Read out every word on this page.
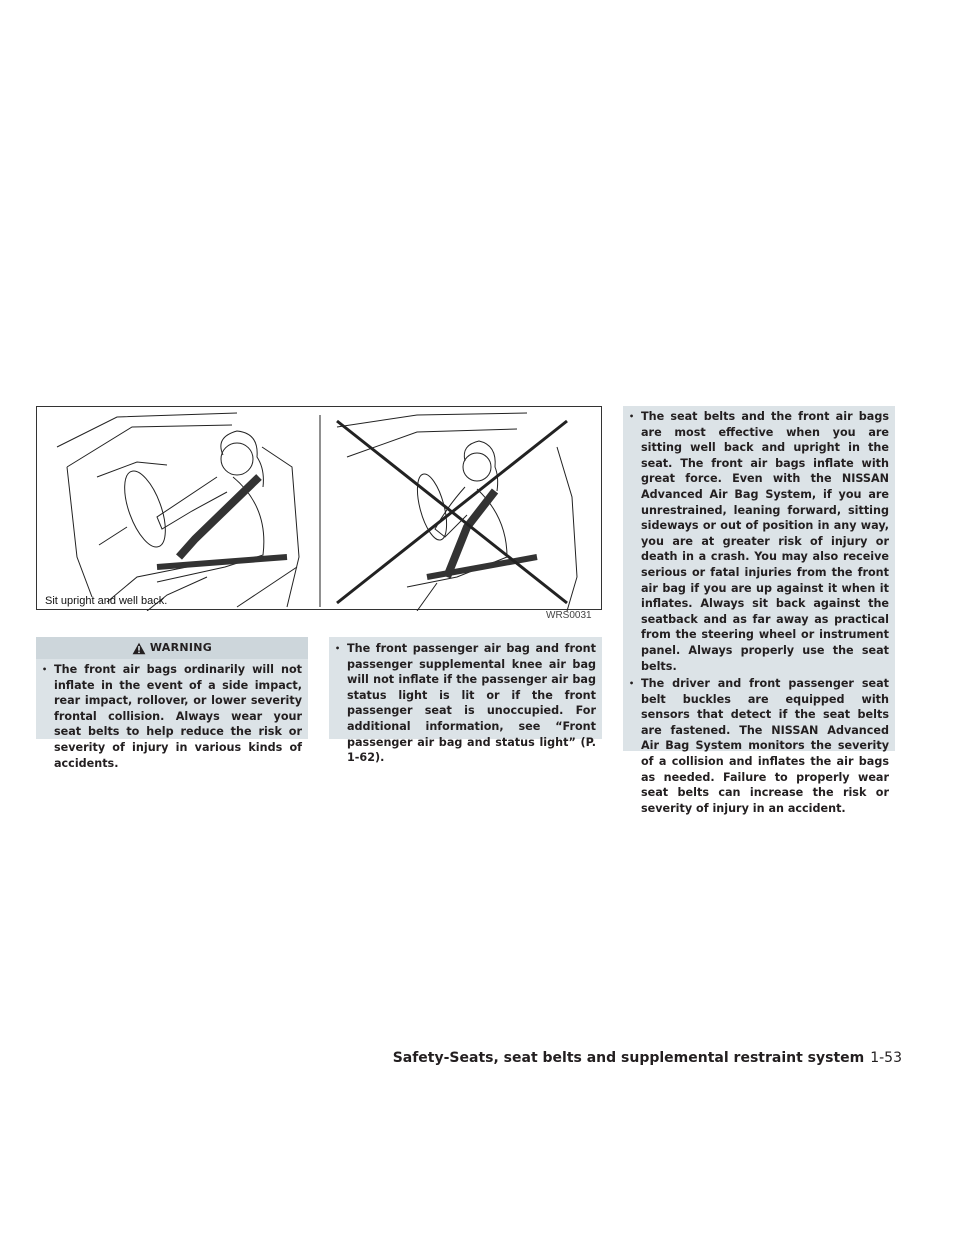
Sit upright and well back.
WRS0031
WARNING
• The front air bags ordinarily will not inflate in the event of a side impact, rear impact, rollover, or lower severity frontal collision. Always wear your seat belts to help reduce the risk or severity of injury in various kinds of accidents.
• The front passenger air bag and front passenger supplemental knee air bag will not inflate if the passenger air bag status light is lit or if the front passenger seat is unoccupied. For additional information, see “Front passenger air bag and status light” (P. 1-62).
• The seat belts and the front air bags are most effective when you are sitting well back and upright in the seat. The front air bags inflate with great force. Even with the NISSAN Advanced Air Bag System, if you are unrestrained, leaning forward, sitting sideways or out of position in any way, you are at greater risk of injury or death in a crash. You may also receive serious or fatal injuries from the front air bag if you are up against it when it inflates. Always sit back against the seatback and as far away as practical from the steering wheel or instrument panel. Always properly use the seat belts.
• The driver and front passenger seat belt buckles are equipped with sensors that detect if the seat belts are fastened. The NISSAN Advanced Air Bag System monitors the severity of a collision and inflates the air bags as needed. Failure to properly wear seat belts can increase the risk or severity of injury in an accident.
Safety-Seats, seat belts and supplemental restraint system 1-53
